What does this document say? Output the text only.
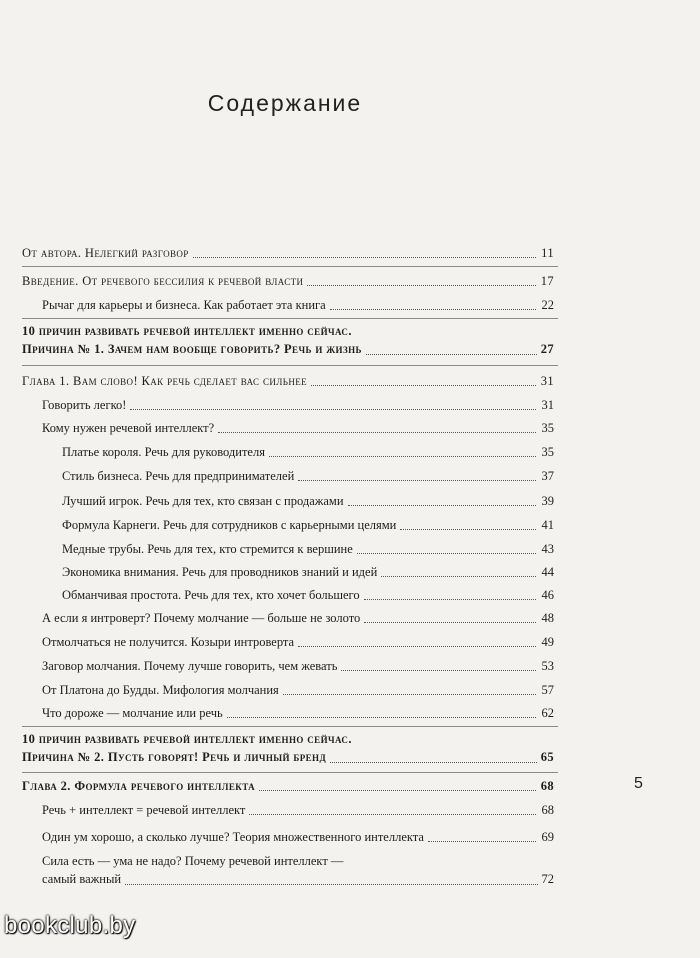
Содержание
От автора. Нелегкий разговор	11
Введение. От речевого бессилия к речевой власти	17
Рычаг для карьеры и бизнеса. Как работает эта книга	22
10 причин развивать речевой интеллект именно сейчас.
Причина № 1. Зачем нам вообще говорить? Речь и жизнь	27
Глава 1. Вам слово! Как речь сделает вас сильнее	31
Говорить легко!	31
Кому нужен речевой интеллект?	35
Платье короля. Речь для руководителя	35
Стиль бизнеса. Речь для предпринимателей	37
Лучший игрок. Речь для тех, кто связан с продажами	39
Формула Карнеги. Речь для сотрудников с карьерными целями	41
Медные трубы. Речь для тех, кто стремится к вершине	43
Экономика внимания. Речь для проводников знаний и идей	44
Обманчивая простота. Речь для тех, кто хочет большего	46
А если я интроверт? Почему молчание — больше не золото	48
Отмолчаться не получится. Козыри интроверта	49
Заговор молчания. Почему лучше говорить, чем жевать	53
От Платона до Будды. Мифология молчания	57
Что дороже — молчание или речь	62
10 причин развивать речевой интеллект именно сейчас.
Причина № 2. Пусть говорят! Речь и личный бренд	65
Глава 2. Формула речевого интеллекта	68
Речь + интеллект = речевой интеллект	68
Один ум хорошо, а сколько лучше? Теория множественного интеллекта	69
Сила есть — ума не надо? Почему речевой интеллект —
самый важный	72
5
bookclub.by
